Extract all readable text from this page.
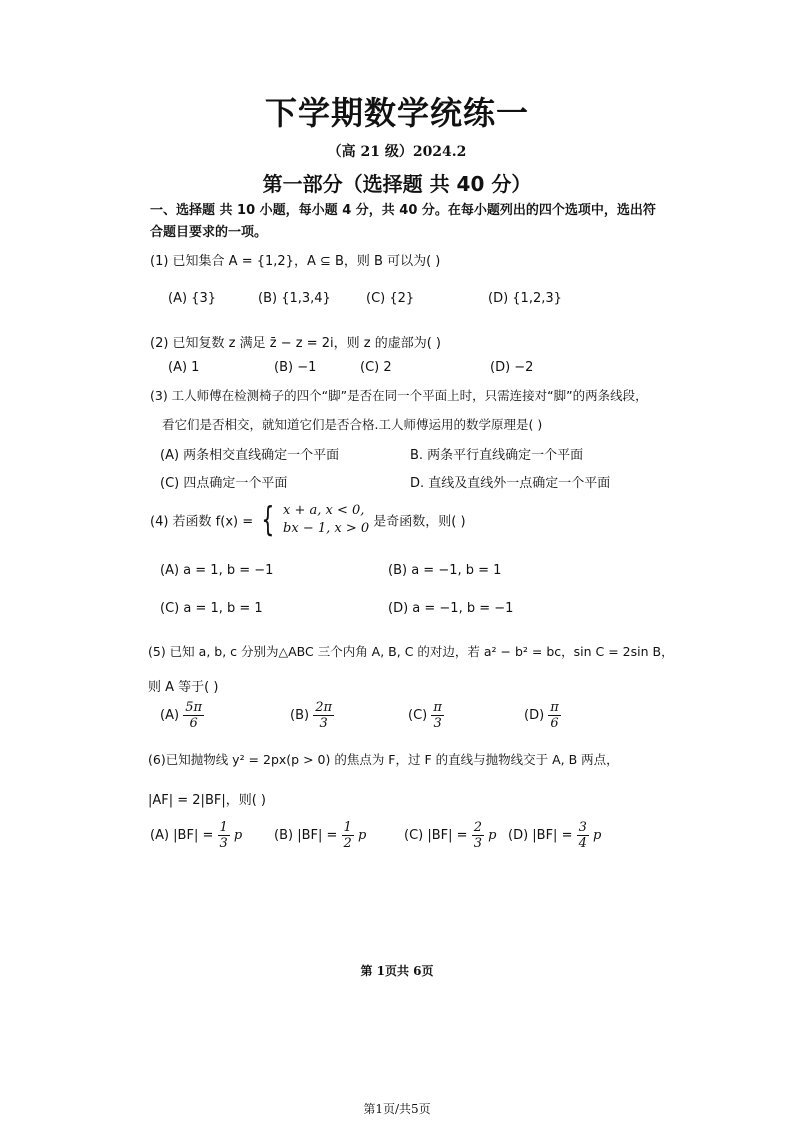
下学期数学统练一
（高 21 级）2024.2
第一部分（选择题 共 40 分）
一、选择题 共 10 小题，每小题 4 分，共 40 分。在每小题列出的四个选项中，选出符合题目要求的一项。
(1) 已知集合 A = {1,2}，A ⊆ B，则 B 可以为( )
(A) {3}	(B) {1,3,4}	(C) {2}	(D) {1,2,3}
(2) 已知复数 z 满足 z̄ − z = 2i，则 z 的虚部为( )
(A) 1	(B) −1	(C) 2	(D) −2
(3) 工人师傅在检测椅子的四个“脚”是否在同一个平面上时，只需连接对“脚”的两条线段，
看它们是否相交，就知道它们是否合格.工人师傅运用的数学原理是( )
(A) 两条相交直线确定一个平面	B. 两条平行直线确定一个平面
(C) 四点确定一个平面	D. 直线及直线外一点确定一个平面
(4) 若函数 f(x) = { x + a, x < 0,
bx − 1, x > 0 是奇函数，则( )
(A) a = 1, b = −1	(B) a = −1, b = 1
(C) a = 1, b = 1	(D) a = −1, b = −1
(5) 已知 a, b, c 分别为△ABC 三个内角 A, B, C 的对边，若 a² − b² = bc，sin C = 2sin B，
则 A 等于( )
$(A) \frac{5\pi}{6}$	$(B) \frac{2\pi}{3}$	$(C) \frac{\pi}{3}$	$(D) \frac{\pi}{6}$
(6)已知抛物线 y² = 2px(p > 0) 的焦点为 F，过 F 的直线与抛物线交于 A, B 两点，
|AF| = 2|BF|，则( )
(A) $|BF| = \frac{1}{3}$ p (B) $|BF| = \frac{1}{2}$ p	(C) $|BF| = \frac{2}{3}$ p (D) $|BF| = \frac{3}{4}$ p
第 1页共 6页
第1页/共5页
